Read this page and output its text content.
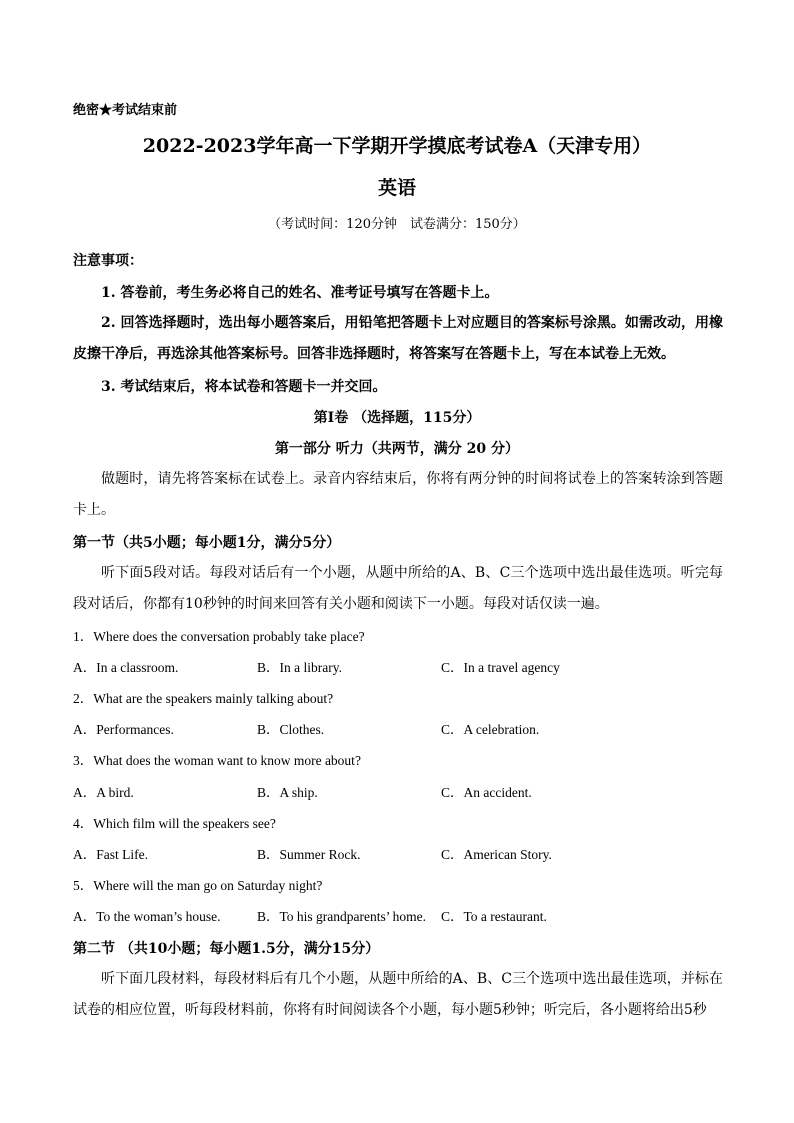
绝密★考试结束前
2022-2023学年高一下学期开学摸底考试卷A（天津专用）
英语
（考试时间：120分钟　试卷满分：150分）
注意事项：
1. 答卷前，考生务必将自己的姓名、准考证号填写在答题卡上。
2. 回答选择题时，选出每小题答案后，用铅笔把答题卡上对应题目的答案标号涂黑。如需改动，用橡皮擦干净后，再选涂其他答案标号。回答非选择题时，将答案写在答题卡上，写在本试卷上无效。
3. 考试结束后，将本试卷和答题卡一并交回。
第Ⅰ卷 （选择题，115分）
第一部分 听力（共两节，满分 20 分）
做题时，请先将答案标在试卷上。录音内容结束后，你将有两分钟的时间将试卷上的答案转涂到答题卡上。
第一节（共5小题；每小题1分，满分5分）
听下面5段对话。每段对话后有一个小题，从题中所给的A、B、C三个选项中选出最佳选项。听完每段对话后，你都有10秒钟的时间来回答有关小题和阅读下一小题。每段对话仅读一遍。
1．Where does the conversation probably take place?
A．In a classroom.	B．In a library.	C．In a travel agency
2．What are the speakers mainly talking about?
A．Performances.	B．Clothes.	C．A celebration.
3．What does the woman want to know more about?
A．A bird.	B．A ship.	C．An accident.
4．Which film will the speakers see?
A．Fast Life.	B．Summer Rock.	C．American Story.
5．Where will the man go on Saturday night?
A．To the woman’s house.	B．To his grandparents’ home. C．To a restaurant.
第二节 （共10小题；每小题1.5分，满分15分）
听下面几段材料，每段材料后有几个小题，从题中所给的A、B、C三个选项中选出最佳选项，并标在试卷的相应位置，听每段材料前，你将有时间阅读各个小题，每小题5秒钟；听完后，各小题将给出5秒
